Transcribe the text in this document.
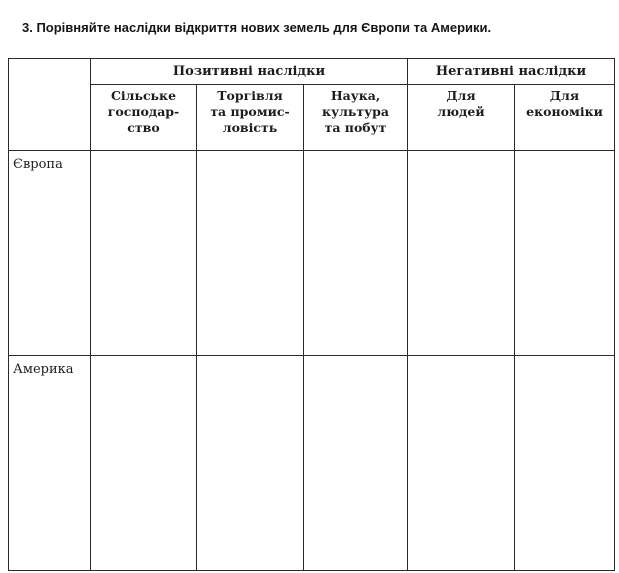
3. Порівняйте наслідки відкриття нових земель для Європи та Америки.
	Позитивні наслідки			Негативні наслідки	

	Сільське
господар-
ство	Торгівля
та промис-
ловість	Наука,
культура
та побут	Для
людей	Для
економіки

Європа					
Америка					
